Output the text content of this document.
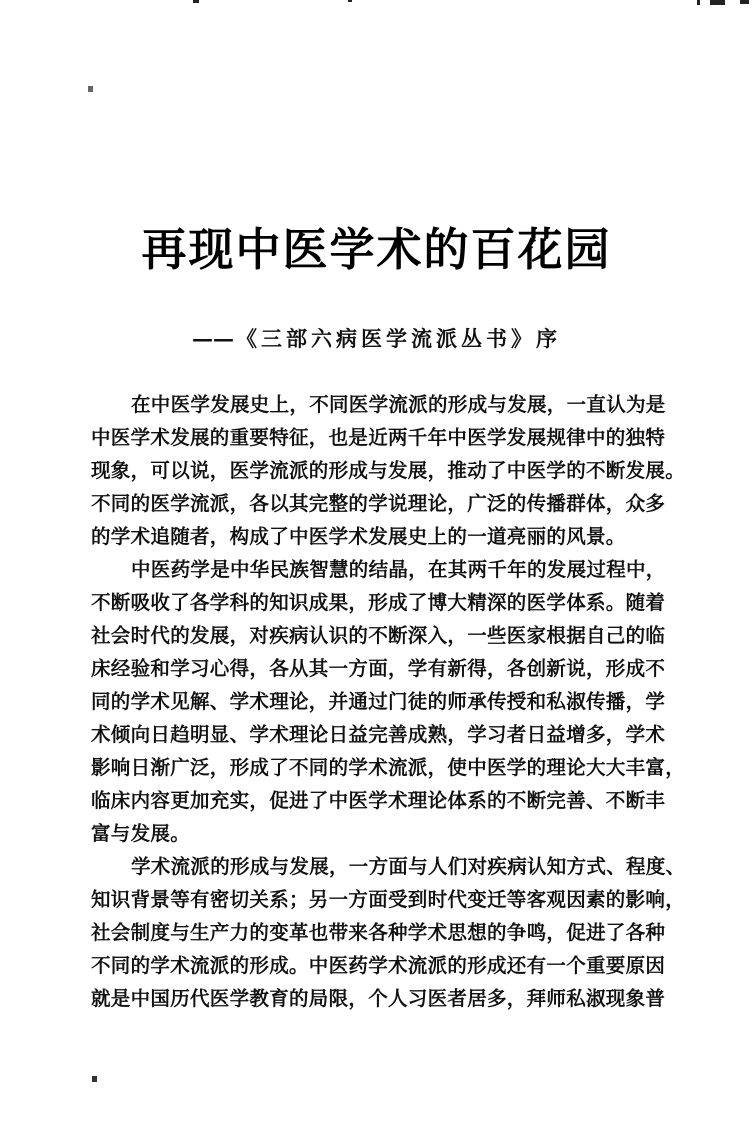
再现中医学术的百花园
——《三部六病医学流派丛书》序

在中医学发展史上，不同医学流派的形成与发展，一直认为是
中医学术发展的重要特征，也是近两千年中医学发展规律中的独特
现象，可以说，医学流派的形成与发展，推动了中医学的不断发展。
不同的医学流派，各以其完整的学说理论，广泛的传播群体，众多
的学术追随者，构成了中医学术发展史上的一道亮丽的风景。

中医药学是中华民族智慧的结晶，在其两千年的发展过程中，
不断吸收了各学科的知识成果，形成了博大精深的医学体系。随着
社会时代的发展，对疾病认识的不断深入，一些医家根据自己的临
床经验和学习心得，各从其一方面，学有新得，各创新说，形成不
同的学术见解、学术理论，并通过门徒的师承传授和私淑传播，学
术倾向日趋明显、学术理论日益完善成熟，学习者日益增多，学术
影响日渐广泛，形成了不同的学术流派，使中医学的理论大大丰富，
临床内容更加充实，促进了中医学术理论体系的不断完善、不断丰
富与发展。

学术流派的形成与发展，一方面与人们对疾病认知方式、程度、
知识背景等有密切关系；另一方面受到时代变迁等客观因素的影响，
社会制度与生产力的变革也带来各种学术思想的争鸣，促进了各种
不同的学术流派的形成。中医药学术流派的形成还有一个重要原因
就是中国历代医学教育的局限，个人习医者居多，拜师私淑现象普
